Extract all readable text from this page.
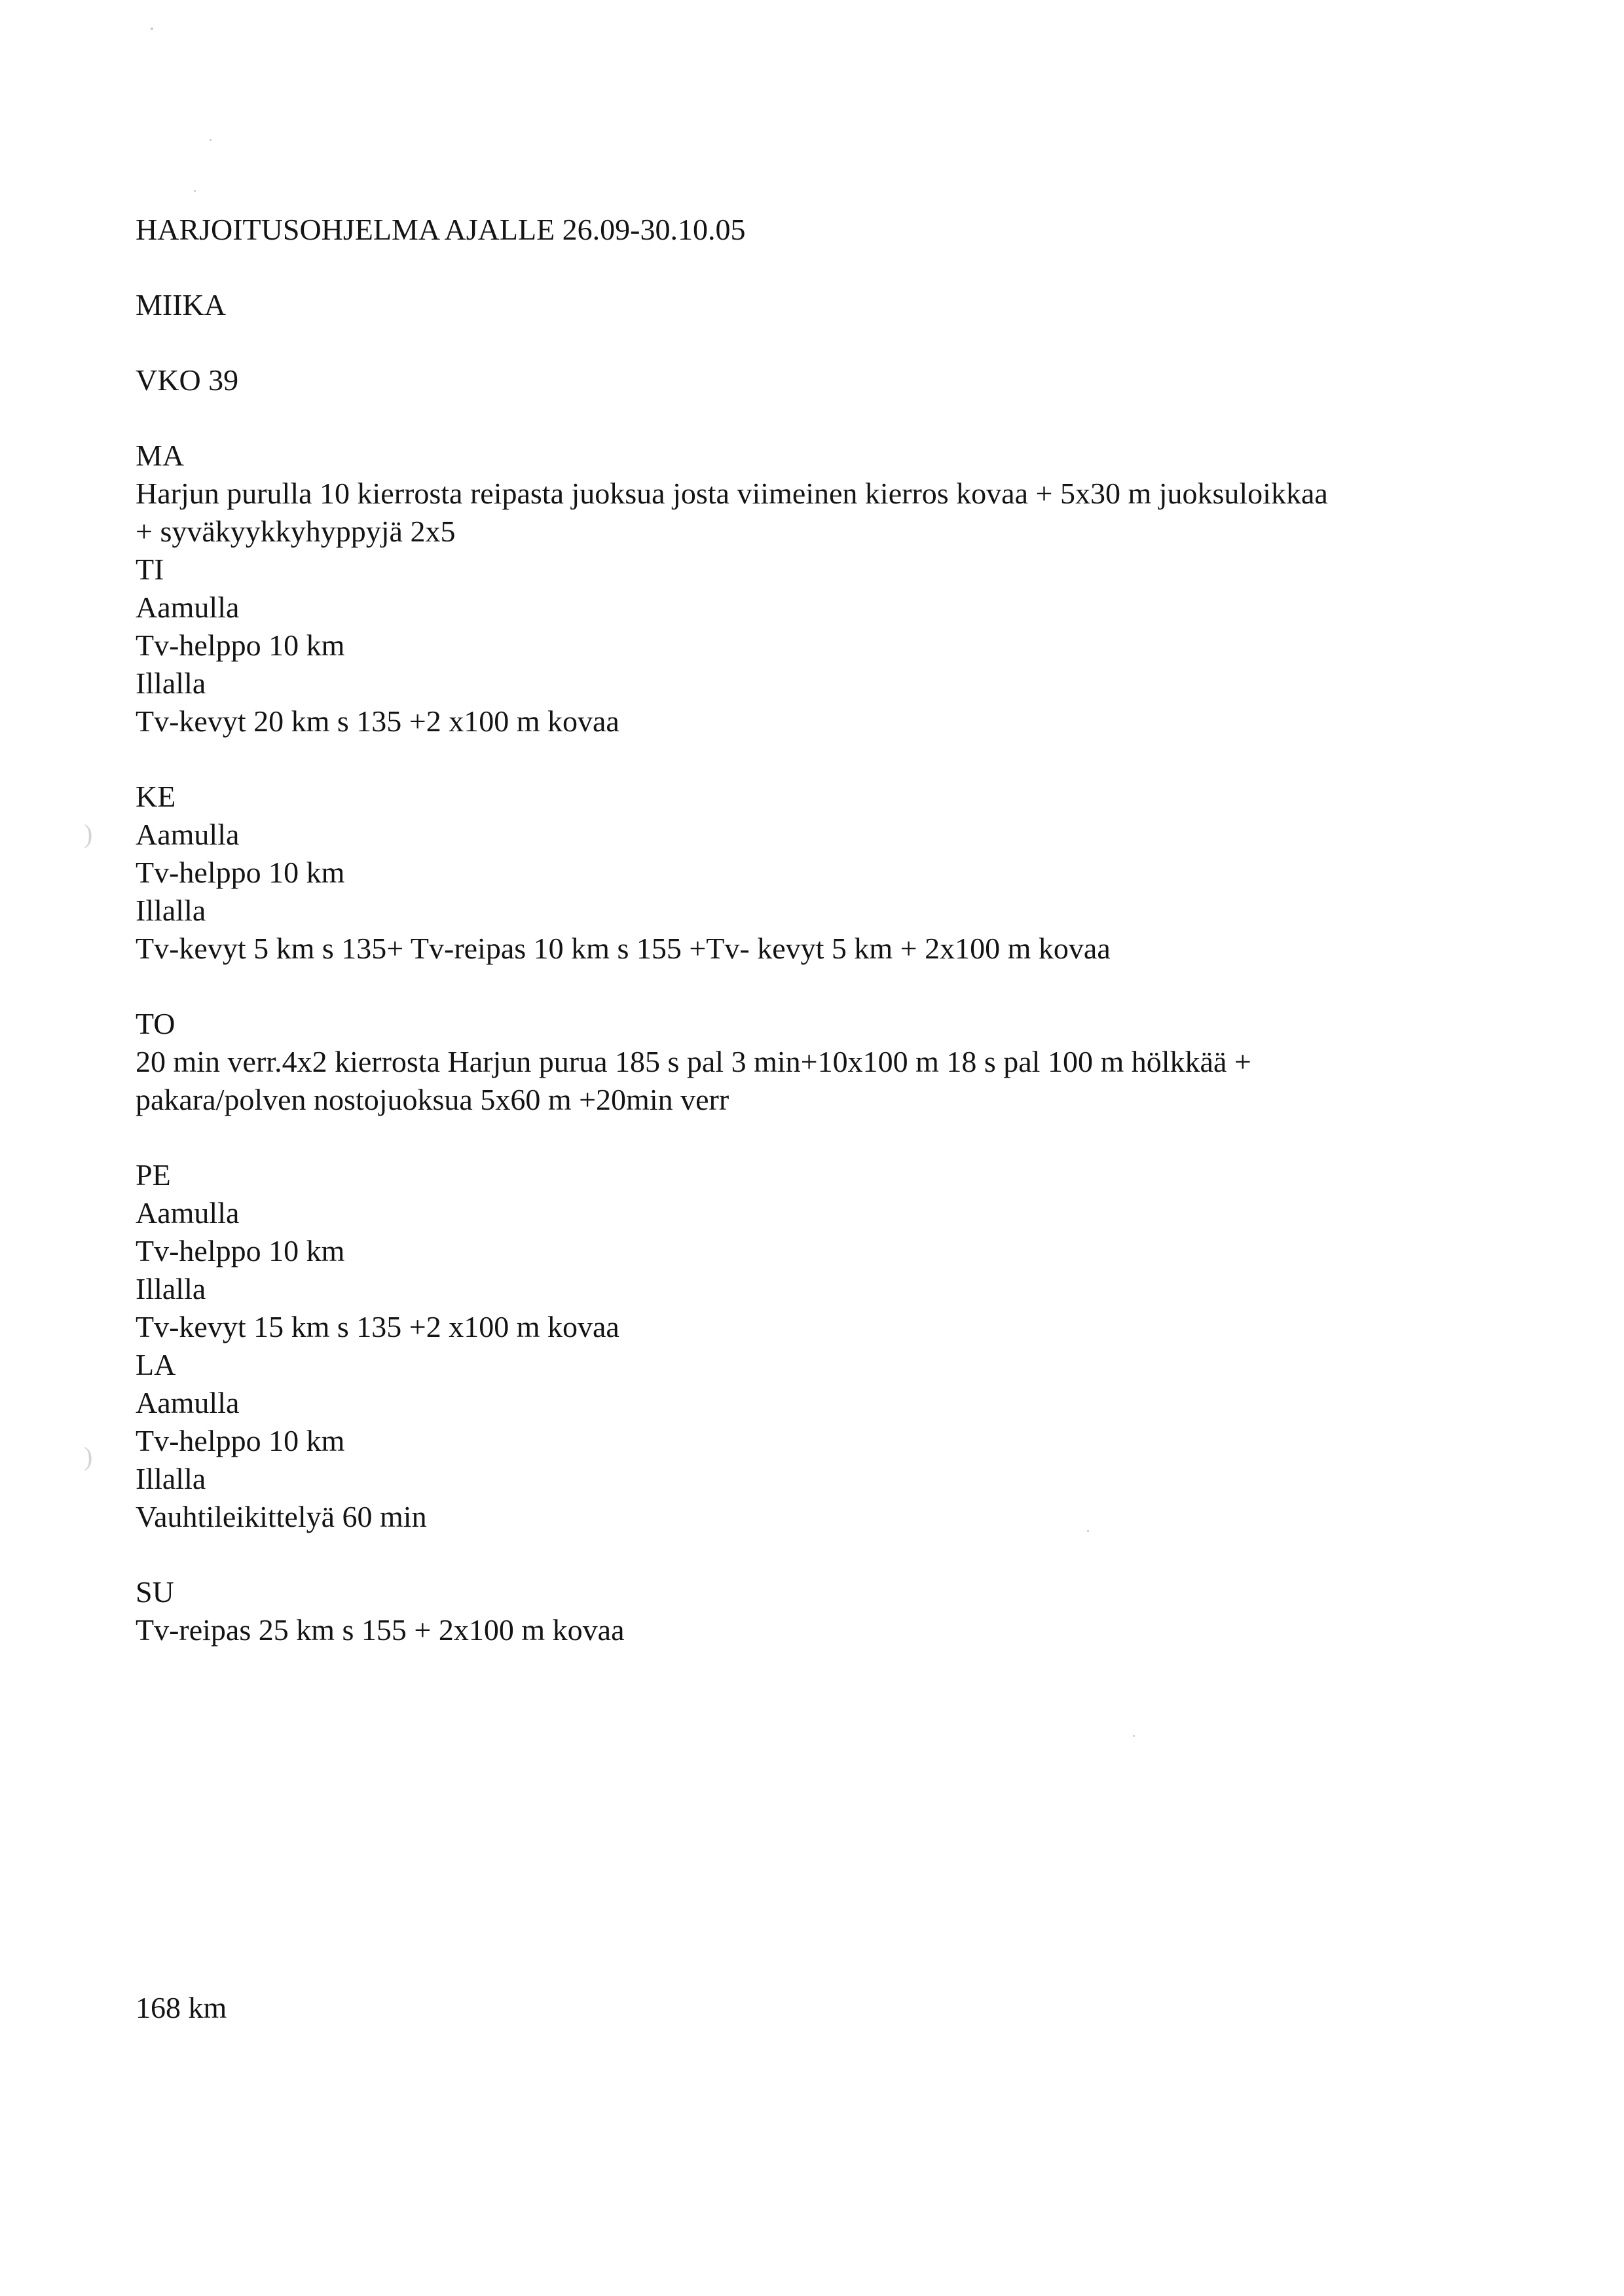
)
)

HARJOITUSOHJELMA AJALLE 26.09-30.10.05

MIIKA

VKO 39

MA

Harjun purulla 10 kierrosta reipasta juoksua josta viimeinen kierros kovaa + 5x30 m juoksuloikkaa

+ syväkyykkyhyppyjä 2x5

TI

Aamulla

Tv-helppo 10 km

Illalla

Tv-kevyt 20 km s 135 +2 x100 m kovaa

KE

Aamulla

Tv-helppo 10 km

Illalla

Tv-kevyt 5 km s 135+ Tv-reipas 10 km s 155 +Tv- kevyt 5 km + 2x100 m kovaa

TO

20 min verr.4x2 kierrosta Harjun purua 185 s pal 3 min+10x100 m 18 s pal 100 m hölkkää +

pakara/polven nostojuoksua 5x60 m +20min verr

PE

Aamulla

Tv-helppo 10 km

Illalla

Tv-kevyt 15 km s 135 +2 x100 m kovaa

LA

Aamulla

Tv-helppo 10 km

Illalla

Vauhtileikittelyä 60 min

SU

Tv-reipas 25 km s 155 + 2x100 m kovaa

168 km
